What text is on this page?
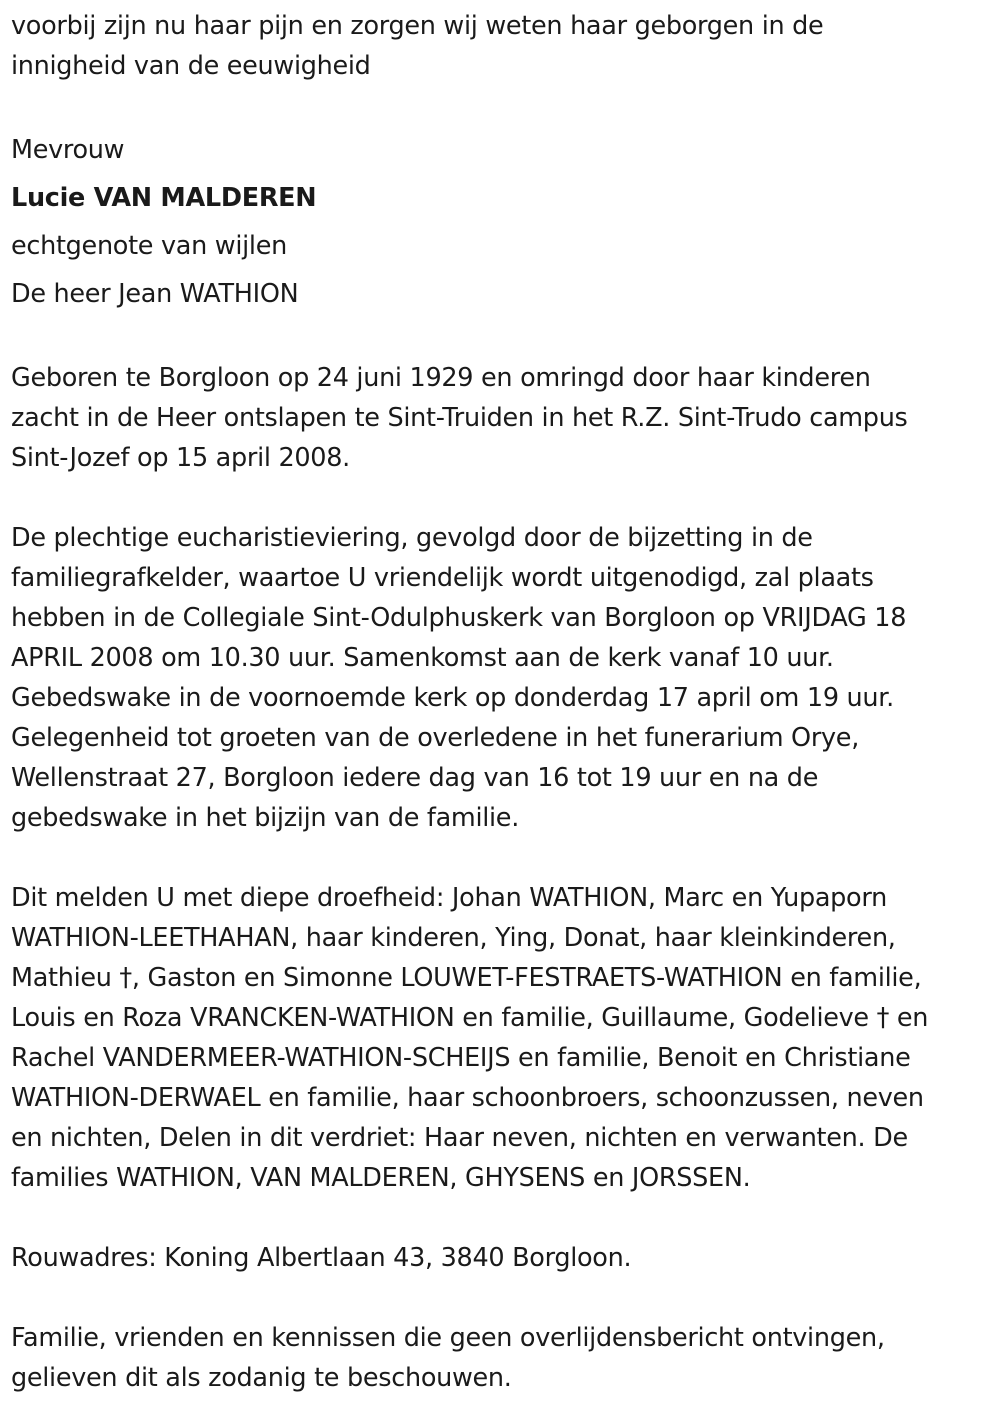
voorbij zijn nu haar pijn en zorgen wij weten haar geborgen in de
innigheid van de eeuwigheid

Mevrouw
Lucie VAN MALDEREN
echtgenote van wijlen
De heer Jean WATHION

Geboren te Borgloon op 24 juni 1929 en omringd door haar kinderen
zacht in de Heer ontslapen te Sint-Truiden in het R.Z. Sint-Trudo campus
Sint-Jozef op 15 april 2008.

De plechtige eucharistieviering, gevolgd door de bijzetting in de
familiegrafkelder, waartoe U vriendelijk wordt uitgenodigd, zal plaats
hebben in de Collegiale Sint-Odulphuskerk van Borgloon op VRIJDAG 18
APRIL 2008 om 10.30 uur. Samenkomst aan de kerk vanaf 10 uur.
Gebedswake in de voornoemde kerk op donderdag 17 april om 19 uur.
Gelegenheid tot groeten van de overledene in het funerarium Orye,
Wellenstraat 27, Borgloon iedere dag van 16 tot 19 uur en na de
gebedswake in het bijzijn van de familie.

Dit melden U met diepe droefheid: Johan WATHION, Marc en Yupaporn
WATHION-LEETHAHAN, haar kinderen, Ying, Donat, haar kleinkinderen,
Mathieu †, Gaston en Simonne LOUWET-FESTRAETS-WATHION en familie,
Louis en Roza VRANCKEN-WATHION en familie, Guillaume, Godelieve † en
Rachel VANDERMEER-WATHION-SCHEIJS en familie, Benoit en Christiane
WATHION-DERWAEL en familie, haar schoonbroers, schoonzussen, neven
en nichten, Delen in dit verdriet: Haar neven, nichten en verwanten. De
families WATHION, VAN MALDEREN, GHYSENS en JORSSEN.

Rouwadres: Koning Albertlaan 43, 3840 Borgloon.

Familie, vrienden en kennissen die geen overlijdensbericht ontvingen,
gelieven dit als zodanig te beschouwen.
